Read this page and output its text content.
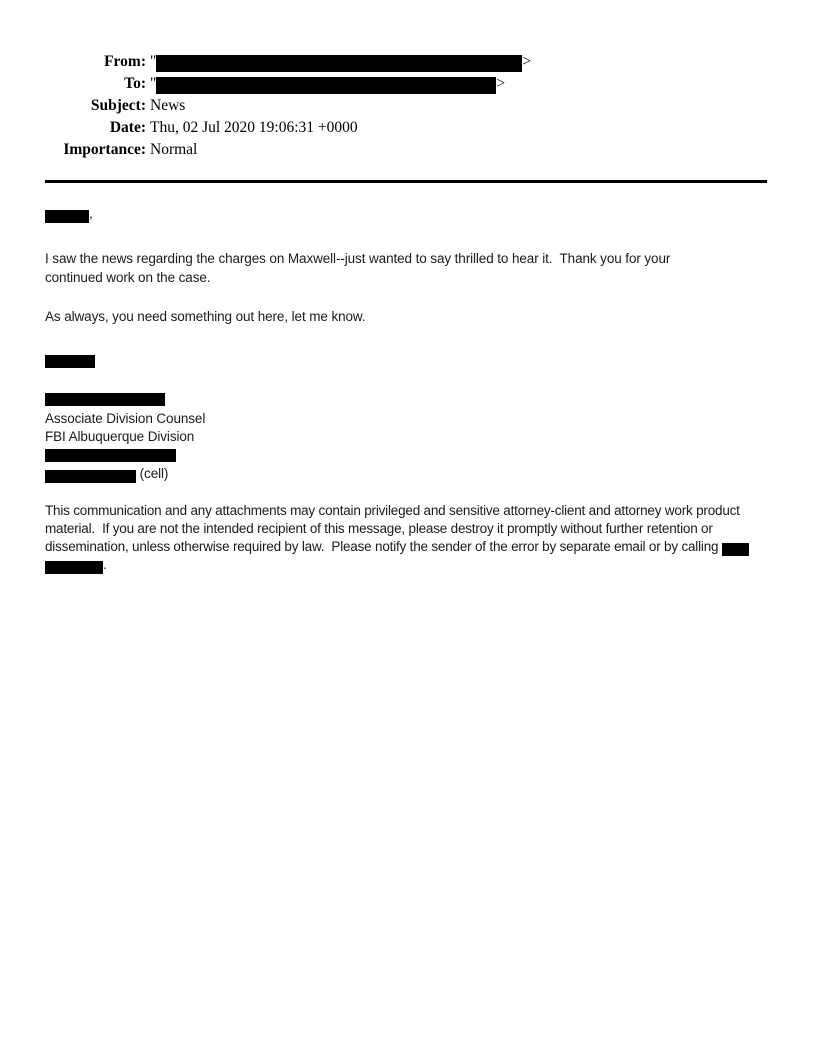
From: "	>
To: "	>
Subject: News
Date: Thu, 02 Jul 2020 19:06:31 +0000
Importance: Normal
,
I saw the news regarding the charges on Maxwell--just wanted to say thrilled to hear it.  Thank you for your
continued work on the case.
As always, you need something out here, let me know.
Associate Division Counsel
FBI Albuquerque Division
(cell)
This communication and any attachments may contain privileged and sensitive attorney-client and attorney work product
material.  If you are not the intended recipient of this message, please destroy it promptly without further retention or
dissemination, unless otherwise required by law.  Please notify the sender of the error by separate email or by calling
.
